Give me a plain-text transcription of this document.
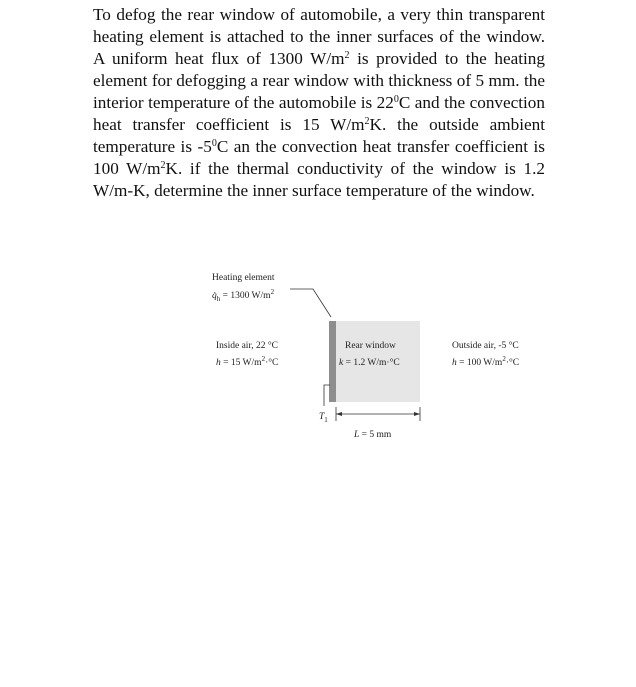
To defog the rear window of automobile, a very thin transparent heating element is attached to the inner surfaces of the window. A uniform heat flux of 1300 $W/m^2$ is provided to the heating element for defogging a rear window with thickness of 5 mm. the interior temperature of the automobile is $22^0C$ and the convection heat transfer coefficient is 15 $W/m^2K$. the outside ambient temperature is $-5^0C$ an the convection heat transfer coefficient is 100 $W/m^2K$. if the thermal conductivity of the window is 1.2 W/m-K, determine the inner surface temperature of the window.

Heating element
$q̇_h = 1300$ $W/m^2$
Inside air, 22 °C
h = 15 $W/m^2\cdot^\circ C$
Rear window
k = 1.2 W/m·°C
Outside air, -5 °C
h = 100 $W/m^2\cdot^\circ C$
$T_1$
L = 5 mm
